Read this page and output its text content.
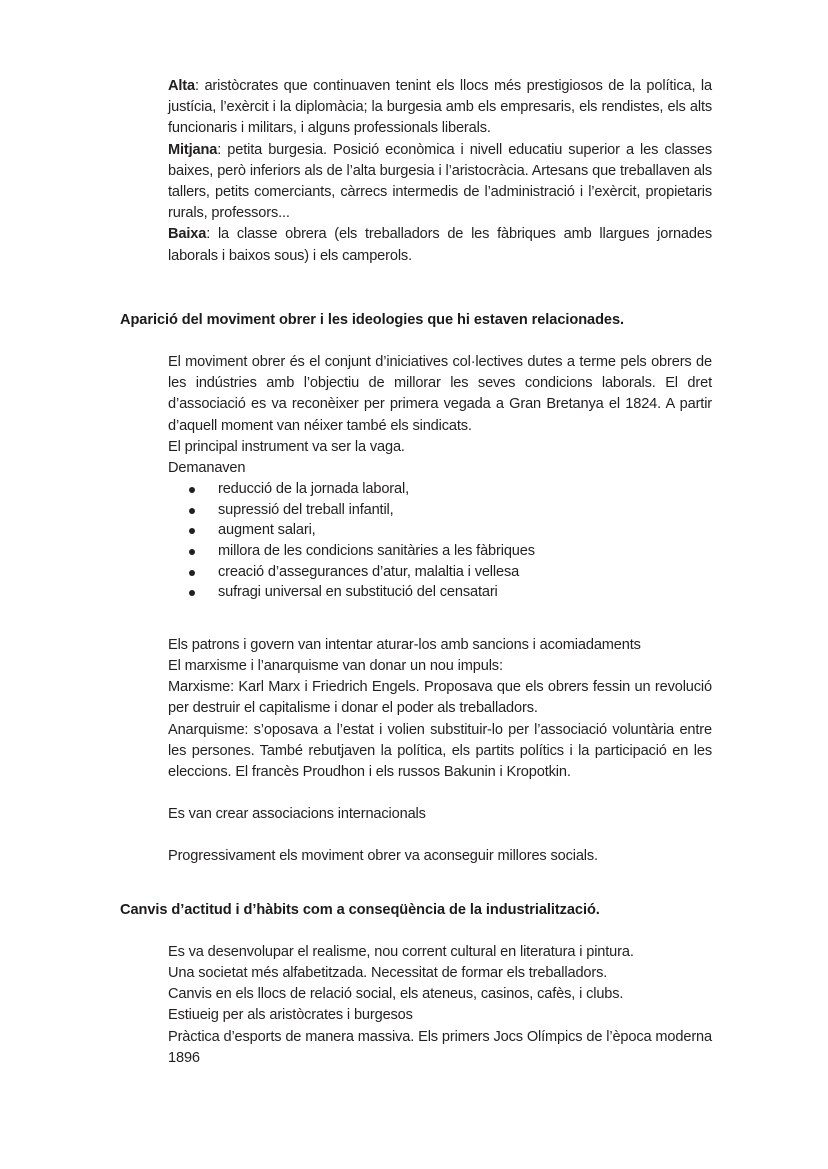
Alta: aristòcrates que continuaven tenint els llocs més prestigiosos de la política, la justícia, l’exèrcit i la diplomàcia; la burgesia amb els empresaris, els rendistes, els alts funcionaris i militars, i alguns professionals liberals.

Mitjana: petita burgesia. Posició econòmica i nivell educatiu superior a les classes baixes, però inferiors als de l’alta burgesia i l’aristocràcia. Artesans que treballaven als tallers, petits comerciants, càrrecs intermedis de l’administració i l’exèrcit, propietaris rurals, professors...

Baixa: la classe obrera (els treballadors de les fàbriques amb llargues jornades laborals i baixos sous) i els camperols.

Aparició del moviment obrer i les ideologies que hi estaven relacionades.

El moviment obrer és el conjunt d’iniciatives col·lectives dutes a terme pels obrers de les indústries amb l’objectiu de millorar les seves condicions laborals. El dret d’associació es va reconèixer per primera vegada a Gran Bretanya el 1824. A partir d’aquell moment van néixer també els sindicats.

El principal instrument va ser la vaga.

Demanaven

reducció de la jornada laboral,
supressió del treball infantil,
augment salari,
millora de les condicions sanitàries a les fàbriques
creació d’assegurances d’atur, malaltia i vellesa
sufragi universal en substitució del censatari

Els patrons i govern van intentar aturar-los amb sancions i acomiadaments

El marxisme i l’anarquisme van donar un nou impuls:

Marxisme: Karl Marx i Friedrich Engels. Proposava que els obrers fessin un revolució per destruir el capitalisme i donar el poder als treballadors.

Anarquisme: s’oposava a l’estat i volien substituir-lo per l’associació voluntària entre les persones. També rebutjaven la política, els partits polítics i la participació en les eleccions. El francès Proudhon i els russos Bakunin i Kropotkin.

Es van crear associacions internacionals

Progressivament els moviment obrer va aconseguir millores socials.

Canvis d’actitud i d’hàbits com a conseqüència de la industrialització.

Es va desenvolupar el realisme, nou corrent cultural en literatura i pintura.

Una societat més alfabetitzada. Necessitat de formar els treballadors.

Canvis en els llocs de relació social, els ateneus, casinos, cafès, i clubs.

Estiueig per als aristòcrates i burgesos

Pràctica d’esports de manera massiva. Els primers Jocs Olímpics de l’època moderna 1896
